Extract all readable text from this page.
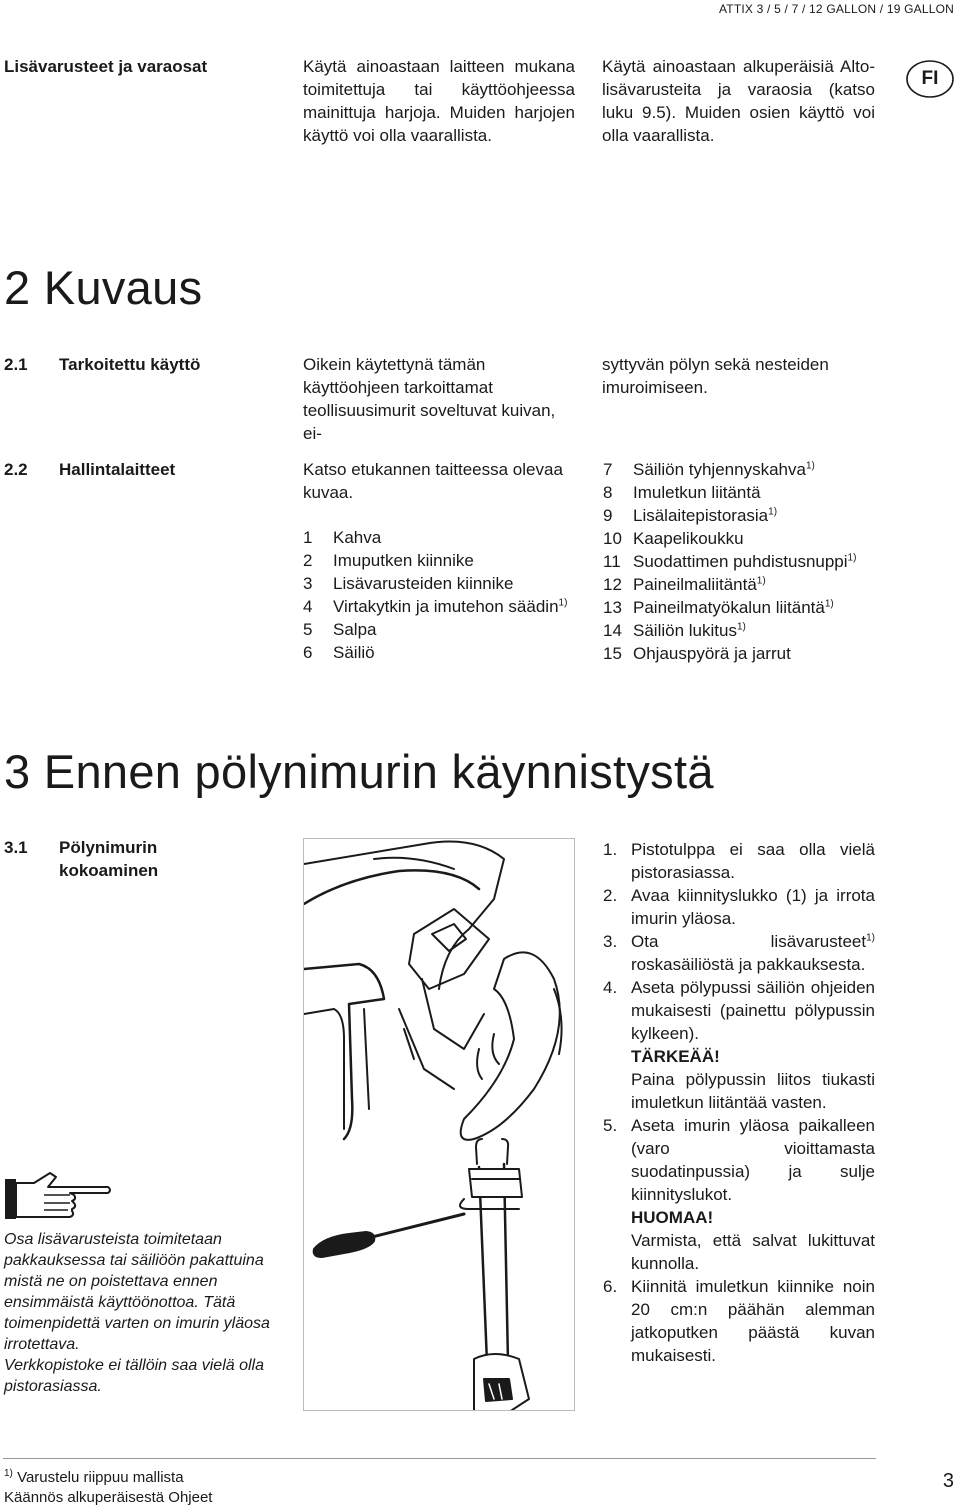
ATTIX 3 / 5 / 7 / 12 GALLON / 19 GALLON
FI
Lisävarusteet ja varaosat	Käytä ainoastaan laitteen mukana toimitettuja tai käyttöohjeessa mainittuja harjoja. Muiden harjojen käyttö voi olla vaarallista.
Käytä ainoastaan alkuperäisiä Alto-lisävarusteita ja varaosia (katso luku 9.5). Muiden osien käyttö voi olla vaarallista.
2 Kuvaus
2.1 Tarkoitettu käyttö	Oikein käytettynä tämän käyttöohjeen tarkoittamat teollisuusimurit soveltuvat kuivan, ei-
syttyvän pölyn sekä nesteiden imuroimiseen.
2.2 Hallintalaitteet	Katso etukannen taitteessa olevaa kuvaa.
1 Kahva
2 Imuputken kiinnike
3 Lisävarusteiden kiinnike
4 Virtakytkin ja imutehon säädin$^{1)}$
5 Salpa
6 Säiliö
7 Säiliön tyhjennyskahva$^{1)}$
8 Imuletkun liitäntä
9 Lisälaitepistorasia$^{1)}$
10 Kaapelikoukku
11 Suodattimen puhdistusnuppi$^{1)}$
12 Paineilmaliitäntä$^{1)}$
13 Paineilmatyökalun liitäntä$^{1)}$
14 Säiliön lukitus$^{1)}$
15 Ohjauspyörä ja jarrut
3 Ennen pölynimurin käynnistystä
3.1 Pölynimurin
kokoaminen
Osa lisävarusteista toimitetaan pakkauksessa tai säiliöön pakattuina mistä ne on poistettava ennen ensimmäistä käyttöönottoa. Tätä toimenpidettä varten on imurin yläosa irrotettava.
Verkkopistoke ei tällöin saa vielä olla pistorasiassa.
1. Pistotulppa ei saa olla vielä pistorasiassa.
2. Avaa kiinnityslukko (1) ja irrota imurin yläosa.
3. Ota lisävarusteet$^{1)}$ roskasäiliöstä ja pakkauksesta.
4. Aseta pölypussi säiliön ohjeiden mukaisesti (painettu pölypussin kylkeen).
TÄRKEÄÄ!
Paina pölypussin liitos tiukasti imuletkun liitäntää vasten.
5. Aseta imurin yläosa paikalleen (varo vioittamasta suodatinpussia) ja sulje kiinnityslukot.
HUOMAA!
Varmista, että salvat lukittuvat kunnolla.
6. Kiinnitä imuletkun kiinnike noin 20 cm:n päähän alemman jatkoputken päästä kuvan mukaisesti.
$^{1)}$ Varustelu riippuu mallista
Käännös alkuperäisestä Ohjeet
3
